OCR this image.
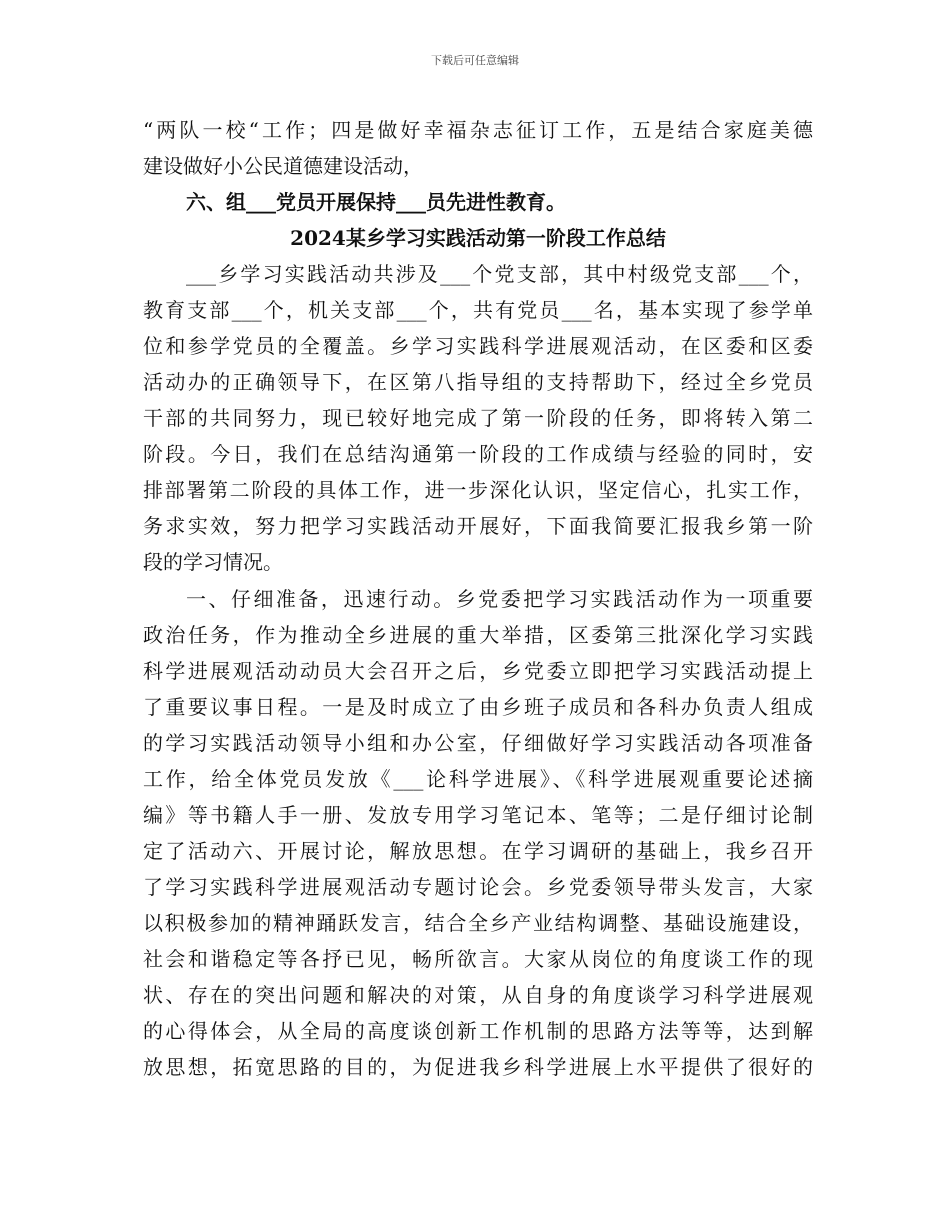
下载后可任意编辑
“两队一校“工作；四是做好幸福杂志征订工作，五是结合家庭美德
建设做好小公民道德建设活动，
六、组___党员开展保持___员先进性教育。
2024某乡学习实践活动第一阶段工作总结
___乡学习实践活动共涉及___个党支部，其中村级党支部___个，
教育支部___个，机关支部___个，共有党员___名，基本实现了参学单
位和参学党员的全覆盖。乡学习实践科学进展观活动，在区委和区委
活动办的正确领导下，在区第八指导组的支持帮助下，经过全乡党员
干部的共同努力，现已较好地完成了第一阶段的任务，即将转入第二
阶段。今日，我们在总结沟通第一阶段的工作成绩与经验的同时，安
排部署第二阶段的具体工作，进一步深化认识，坚定信心，扎实工作，
务求实效，努力把学习实践活动开展好，下面我简要汇报我乡第一阶
段的学习情况。
一、仔细准备，迅速行动。乡党委把学习实践活动作为一项重要
政治任务，作为推动全乡进展的重大举措，区委第三批深化学习实践
科学进展观活动动员大会召开之后，乡党委立即把学习实践活动提上
了重要议事日程。一是及时成立了由乡班子成员和各科办负责人组成
的学习实践活动领导小组和办公室，仔细做好学习实践活动各项准备
工作，给全体党员发放《___论科学进展》、《科学进展观重要论述摘
编》等书籍人手一册、发放专用学习笔记本、笔等；二是仔细讨论制
定了活动六、开展讨论，解放思想。在学习调研的基础上，我乡召开
了学习实践科学进展观活动专题讨论会。乡党委领导带头发言，大家
以积极参加的精神踊跃发言，结合全乡产业结构调整、基础设施建设，
社会和谐稳定等各抒已见，畅所欲言。大家从岗位的角度谈工作的现
状、存在的突出问题和解决的对策，从自身的角度谈学习科学进展观
的心得体会，从全局的高度谈创新工作机制的思路方法等等，达到解
放思想，拓宽思路的目的，为促进我乡科学进展上水平提供了很好的
